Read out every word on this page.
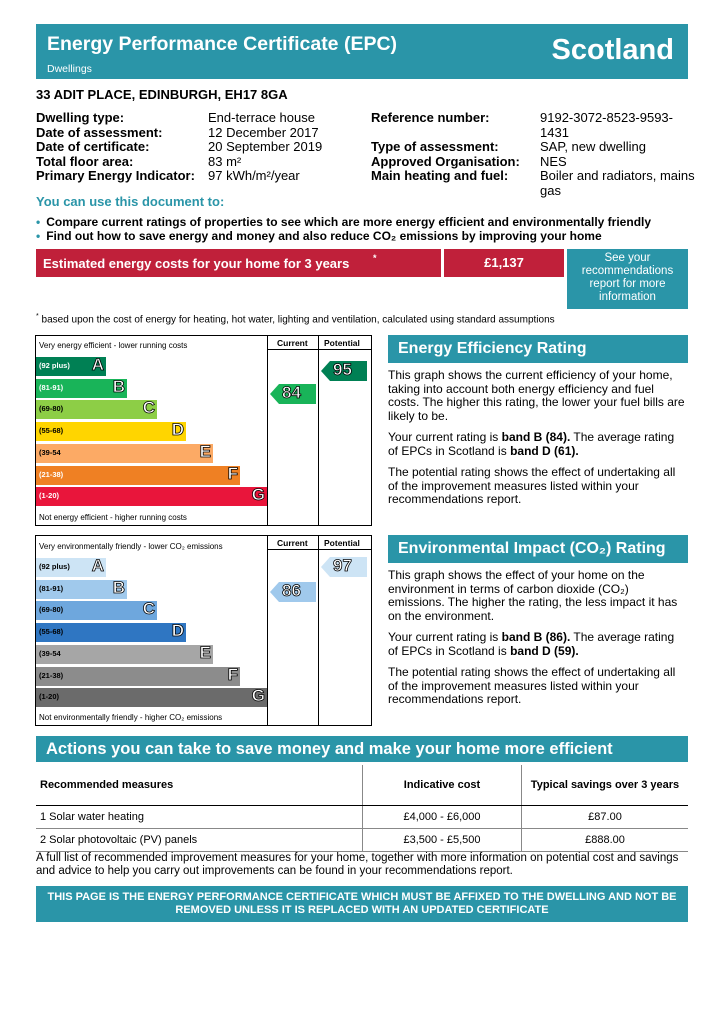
Energy Performance Certificate (EPC)
Dwellings
Scotland
33 ADIT PLACE, EDINBURGH, EH17 8GA
Dwelling type:	End-terrace house
Date of assessment:	12 December 2017
Date of certificate:	20 September 2019
Total floor area:	83 m²
Primary Energy Indicator:	97 kWh/m²/year
Reference number:	9192-3072-8523-9593-1431
Type of assessment:	SAP, new dwelling
Approved Organisation:	NES
Main heating and fuel:	Boiler and radiators, mains gas
You can use this document to:
• Compare current ratings of properties to see which are more energy efficient and environmentally friendly
• Find out how to save energy and money and also reduce CO₂ emissions by improving your home
Estimated energy costs for your home for 3 years	*	£1,137	See your recommendations report for more information
* based upon the cost of energy for heating, hot water, lighting and ventilation, calculated using standard assumptions
Current Potential
Very energy efficient - lower running costs
Not energy efficient - higher running costs
(92 plus) A
(81-91)	B
(69-80)	C
(55-68)	D
(39-54	E
(21-38)	F
(1-20)	G
84
95
Current Potential
Very environmentally friendly - lower CO₂ emissions
Not environmentally friendly - higher CO₂ emissions
(92 plus) A
(81-91)	B
(69-80)	C
(55-68)	D
(39-54	E
(21-38)	F
(1-20)	G
86
97
Energy Efficiency Rating
This graph shows the current efficiency of your home, taking into account both energy efficiency and fuel costs. The higher this rating, the lower your fuel bills are likely to be.
Your current rating is band B (84). The average rating of EPCs in Scotland is band D (61).
The potential rating shows the effect of undertaking all of the improvement measures listed within your recommendations report.
Environmental Impact (CO₂) Rating
This graph shows the effect of your home on the environment in terms of carbon dioxide (CO₂) emissions. The higher the rating, the less impact it has on the environment.
Your current rating is band B (86). The average rating of EPCs in Scotland is band D (59).
The potential rating shows the effect of undertaking all of the improvement measures listed within your recommendations report.
Actions you can take to save money and make your home more efficient
Recommended measures	Indicative cost	Typical savings over 3 years
1 Solar water heating	£4,000 - £6,000	£87.00
2 Solar photovoltaic (PV) panels	£3,500 - £5,500	£888.00
A full list of recommended improvement measures for your home, together with more information on potential cost and savings and advice to help you carry out improvements can be found in your recommendations report.
THIS PAGE IS THE ENERGY PERFORMANCE CERTIFICATE WHICH MUST BE AFFIXED TO THE DWELLING AND NOT BE REMOVED UNLESS IT IS REPLACED WITH AN UPDATED CERTIFICATE
